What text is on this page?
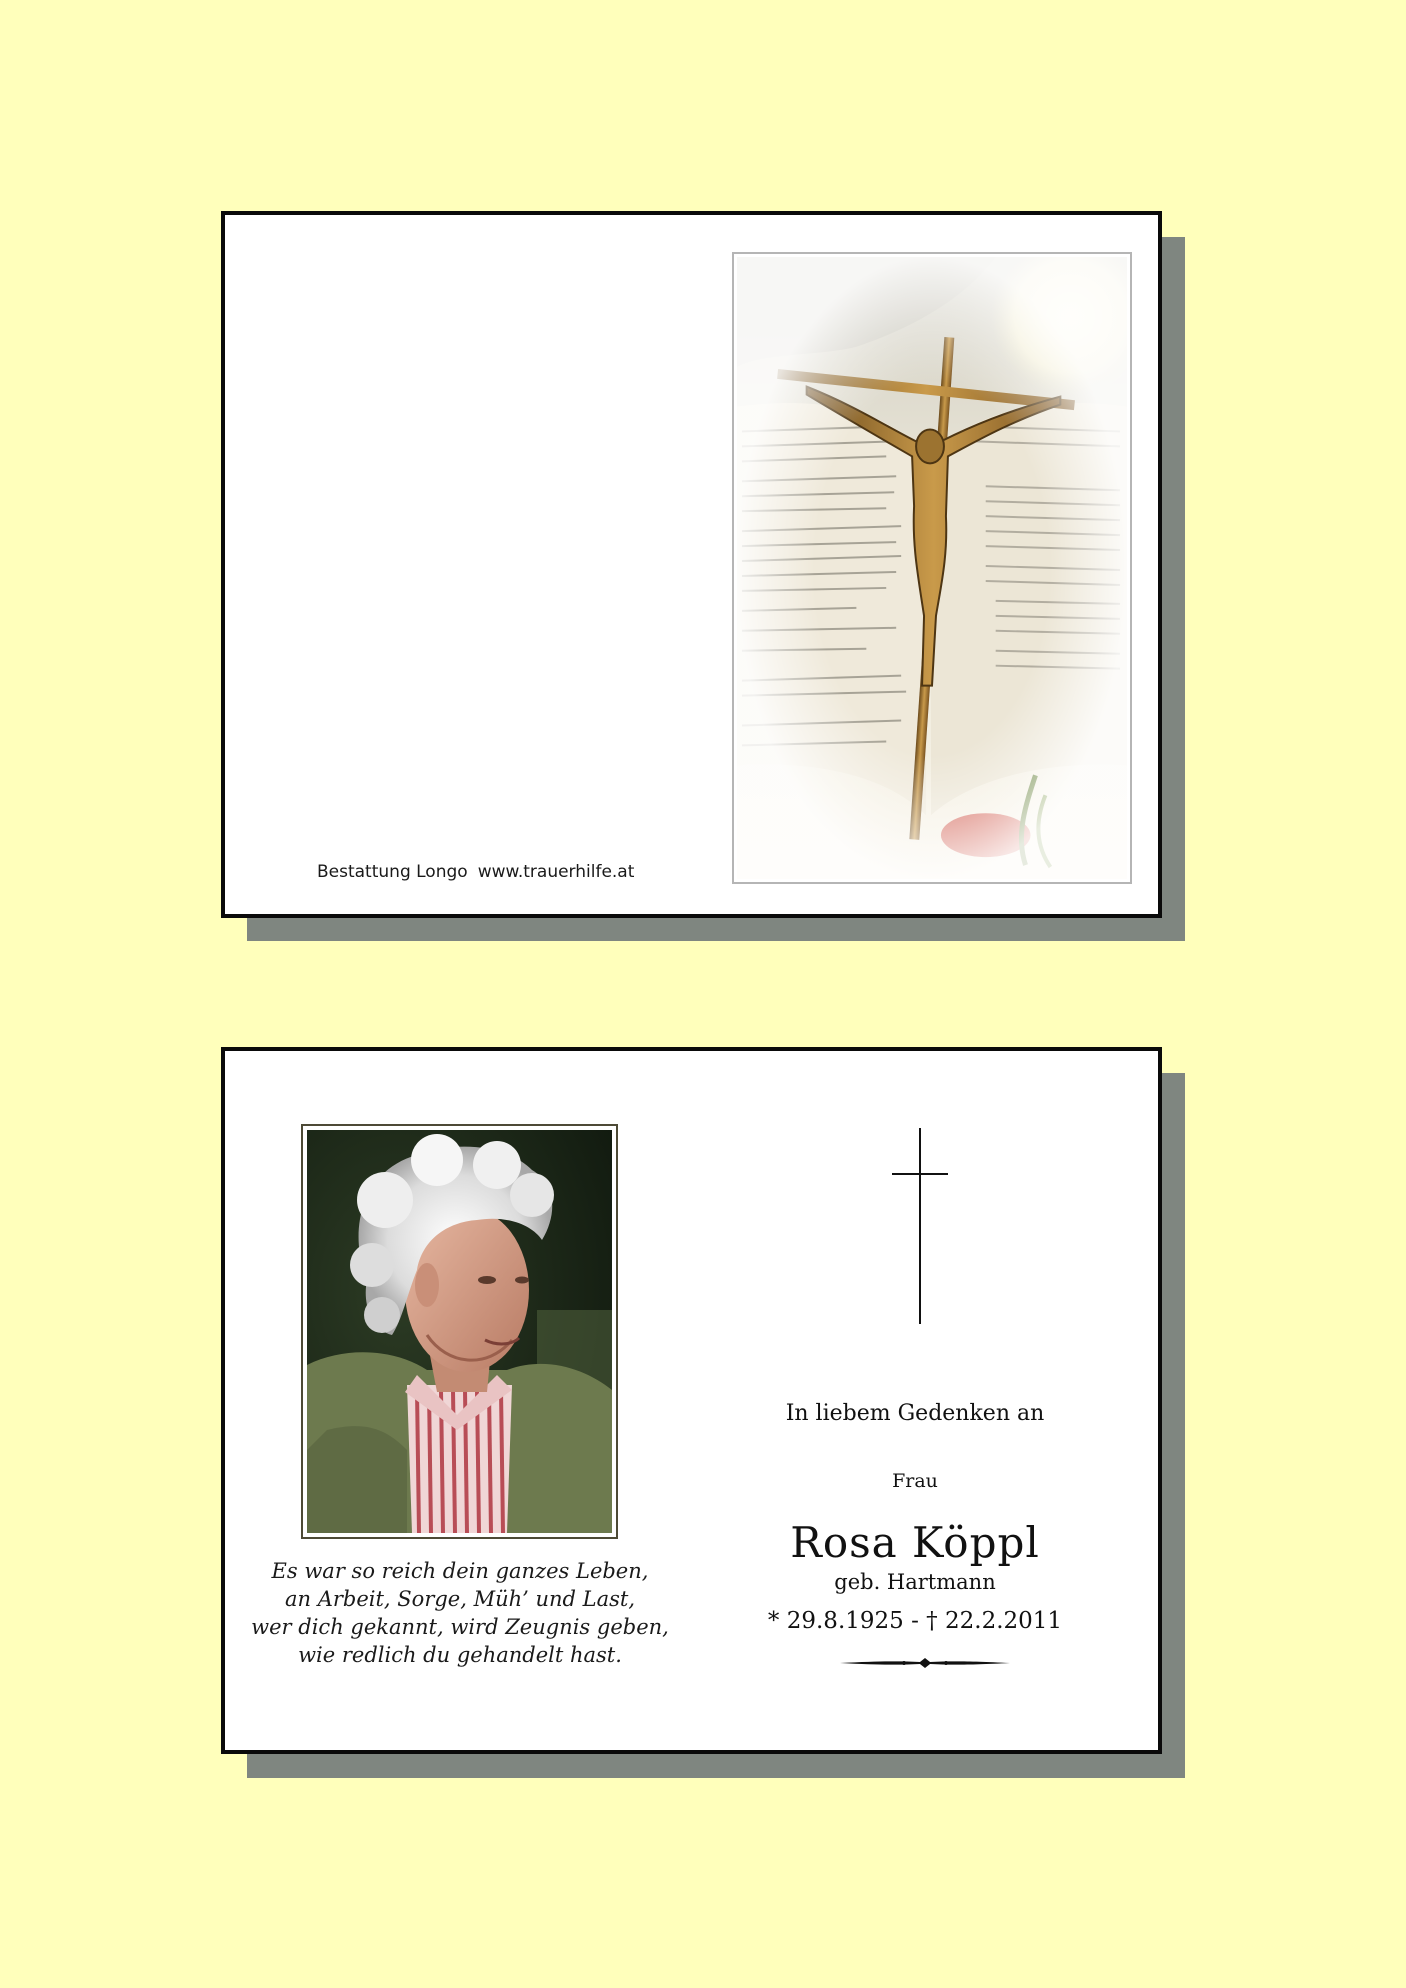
Bestattung Longo www.trauerhilfe.at
Es war so reich dein ganzes Leben,
an Arbeit, Sorge, Müh’ und Last,
wer dich gekannt, wird Zeugnis geben,
wie redlich du gehandelt hast.
In liebem Gedenken an
Frau
Rosa Köppl
geb. Hartmann
* 29.8.1925 - † 22.2.2011
